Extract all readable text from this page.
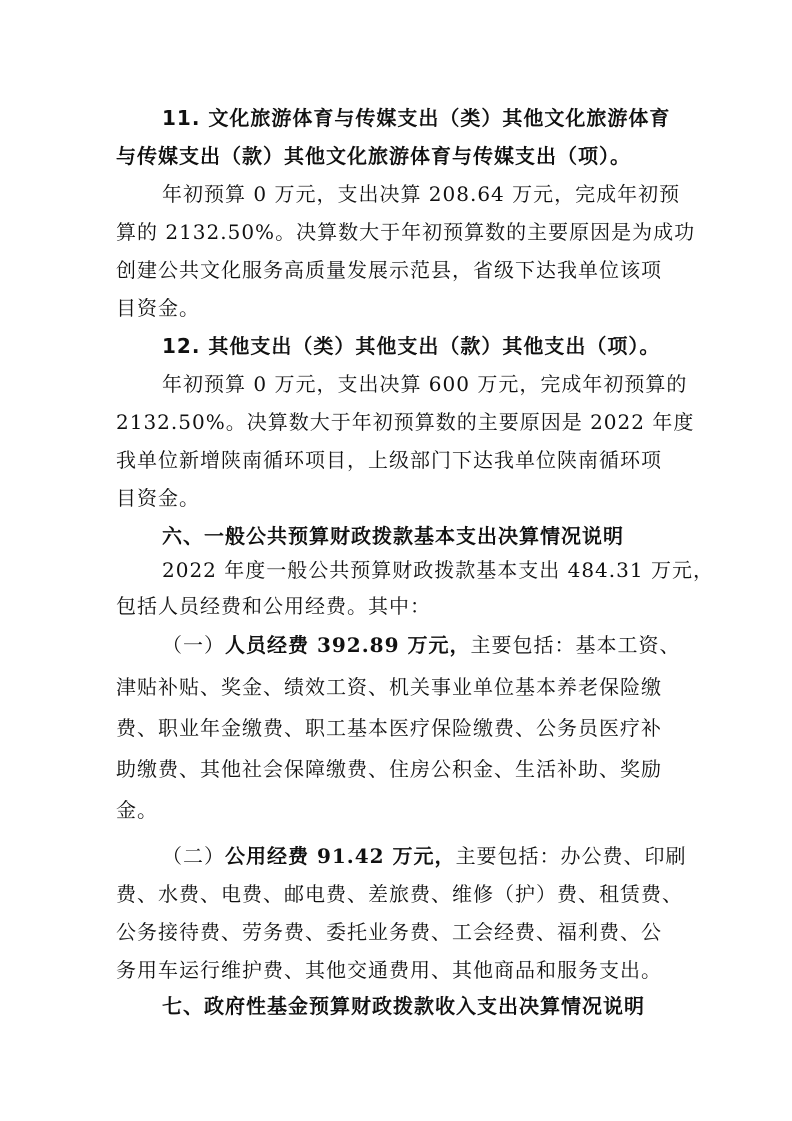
11. 文化旅游体育与传媒支出（类）其他文化旅游体育
与传媒支出（款）其他文化旅游体育与传媒支出（项）。
年初预算 0 万元，支出决算 208.64 万元，完成年初预
算的 2132.50%。决算数大于年初预算数的主要原因是为成功
创建公共文化服务高质量发展示范县，省级下达我单位该项
目资金。
12. 其他支出（类）其他支出（款）其他支出（项）。
年初预算 0 万元，支出决算 600 万元，完成年初预算的
2132.50%。决算数大于年初预算数的主要原因是 2022 年度
我单位新增陕南循环项目，上级部门下达我单位陕南循环项
目资金。
六、一般公共预算财政拨款基本支出决算情况说明
2022 年度一般公共预算财政拨款基本支出 484.31 万元，
包括人员经费和公用经费。其中：
（一）人员经费 392.89 万元，主要包括：基本工资、
津贴补贴、奖金、绩效工资、机关事业单位基本养老保险缴
费、职业年金缴费、职工基本医疗保险缴费、公务员医疗补
助缴费、其他社会保障缴费、住房公积金、生活补助、奖励
金。
（二）公用经费 91.42 万元，主要包括：办公费、印刷
费、水费、电费、邮电费、差旅费、维修（护）费、租赁费、
公务接待费、劳务费、委托业务费、工会经费、福利费、公
务用车运行维护费、其他交通费用、其他商品和服务支出。
七、政府性基金预算财政拨款收入支出决算情况说明
